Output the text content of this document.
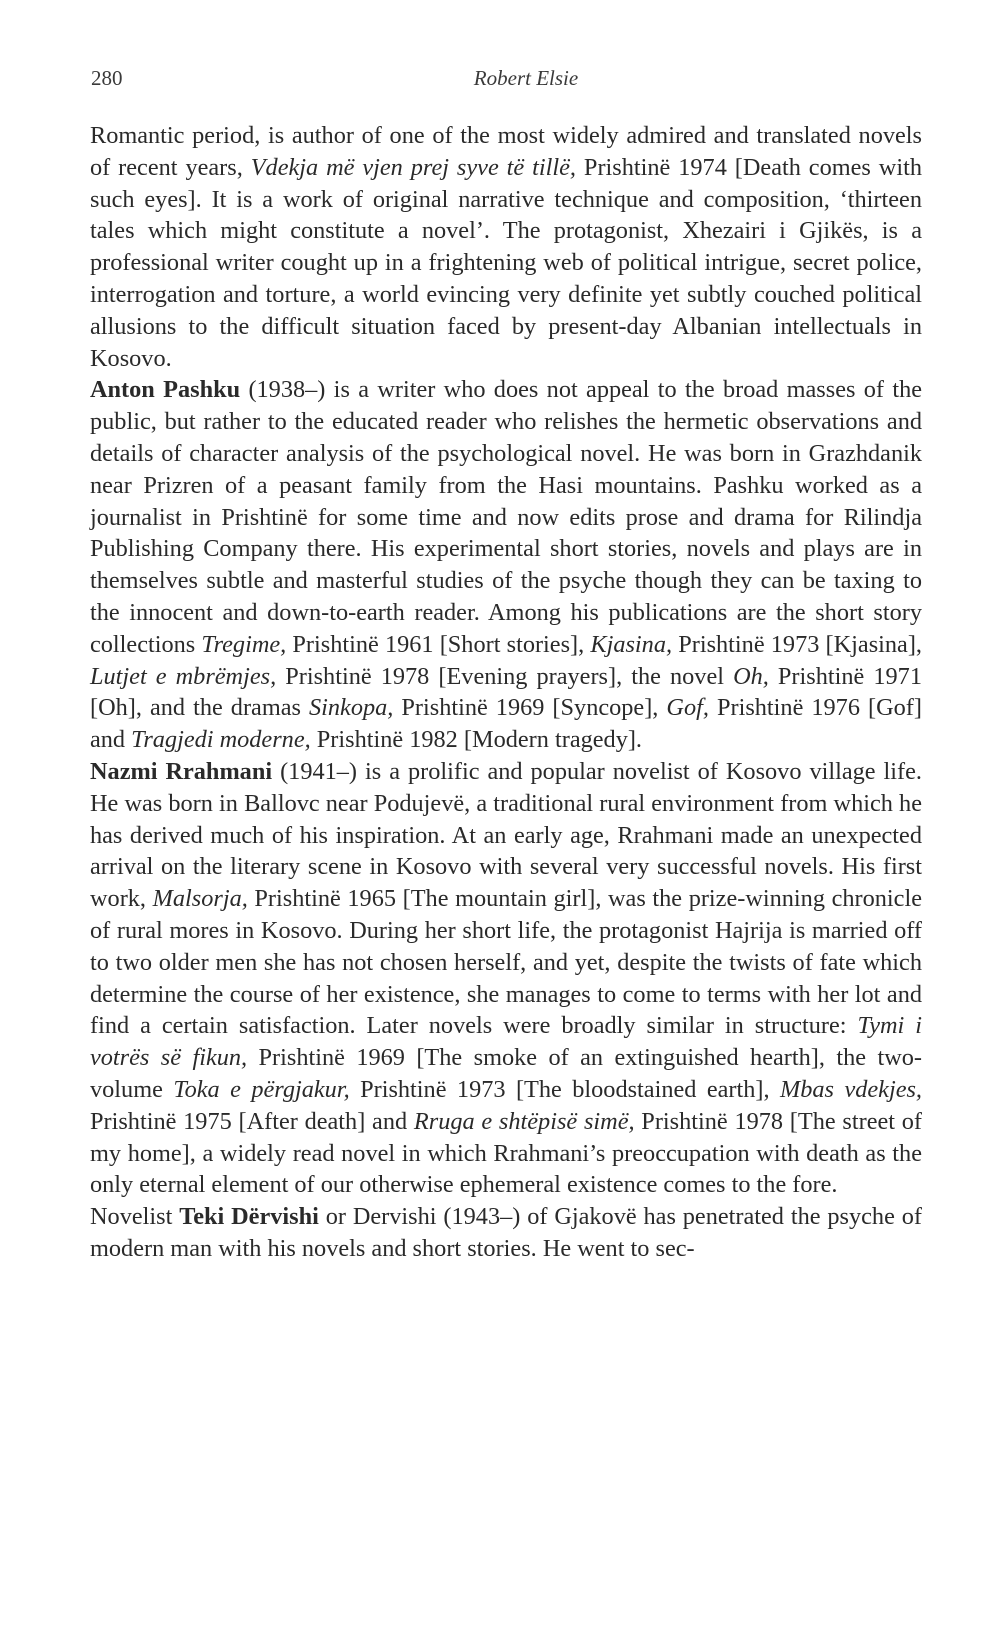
280	Robert Elsie

Romantic period, is author of one of the most widely admired and translated novels of recent years, Vdekja më vjen prej syve të tillë, Prishtinë 1974 [Death comes with such eyes]. It is a work of original narrative technique and composition, ‘thirteen tales which might constitute a novel’. The protagonist, Xhezairi i Gjikës, is a professional writer cought up in a frightening web of political intrigue, secret police, interrogation and torture, a world evincing very definite yet subtly couched political allusions to the difficult situation faced by present-day Albanian intellectuals in Kosovo.

Anton Pashku (1938–) is a writer who does not appeal to the broad masses of the public, but rather to the educated reader who relishes the hermetic observations and details of character analysis of the psychological novel. He was born in Grazhdanik near Prizren of a peasant family from the Hasi mountains. Pashku worked as a journalist in Prishtinë for some time and now edits prose and drama for Rilindja Publishing Company there. His experimental short stories, novels and plays are in themselves subtle and masterful studies of the psyche though they can be taxing to the innocent and down-to-earth reader. Among his publications are the short story collections Tregime, Prishtinë 1961 [Short stories], Kjasina, Prishtinë 1973 [Kjasina], Lutjet e mbrëmjes, Prishtinë 1978 [Evening prayers], the novel Oh, Prishtinë 1971 [Oh], and the dramas Sinkopa, Prishtinë 1969 [Syncope], Gof, Prishtinë 1976 [Gof] and Tragjedi moderne, Prishtinë 1982 [Modern tragedy].

Nazmi Rrahmani (1941–) is a prolific and popular novelist of Kosovo village life. He was born in Ballovc near Podujevë, a traditional rural environment from which he has derived much of his inspiration. At an early age, Rrahmani made an unexpected arrival on the literary scene in Kosovo with several very successful novels. His first work, Malsorja, Prishtinë 1965 [The mountain girl], was the prize-winning chronicle of rural mores in Kosovo. During her short life, the protagonist Hajrija is married off to two older men she has not chosen herself, and yet, despite the twists of fate which determine the course of her existence, she manages to come to terms with her lot and find a certain satisfaction. Later novels were broadly similar in structure: Tymi i votrës së fikun, Prishtinë 1969 [The smoke of an extinguished hearth], the two-volume Toka e përgjakur, Prishtinë 1973 [The bloodstained earth], Mbas vdekjes, Prishtinë 1975 [After death] and Rruga e shtëpisë simë, Prishtinë 1978 [The street of my home], a widely read novel in which Rrahmani’s preoccupation with death as the only eternal element of our otherwise ephemeral existence comes to the fore.

Novelist Teki Dërvishi or Dervishi (1943–) of Gjakovë has penetrated the psyche of modern man with his novels and short stories. He went to sec-
